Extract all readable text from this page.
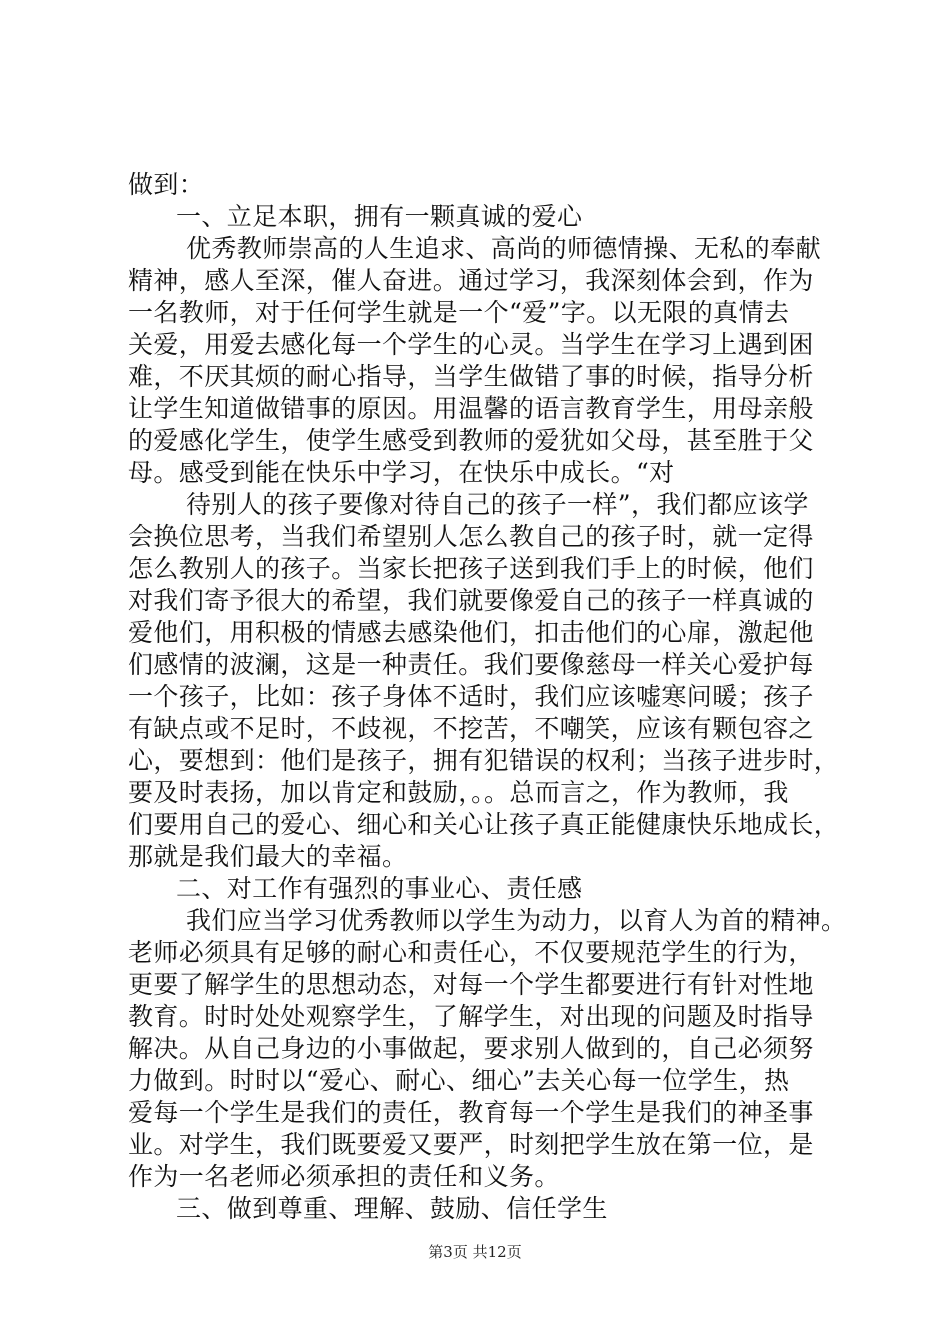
做到：
一、立足本职，拥有一颗真诚的爱心
优秀教师崇高的人生追求、高尚的师德情操、无私的奉献
精神，感人至深，催人奋进。通过学习，我深刻体会到，作为
一名教师，对于任何学生就是一个“爱”字。以无限的真情去
关爱，用爱去感化每一个学生的心灵。当学生在学习上遇到困
难，不厌其烦的耐心指导，当学生做错了事的时候，指导分析
让学生知道做错事的原因。用温馨的语言教育学生，用母亲般
的爱感化学生，使学生感受到教师的爱犹如父母，甚至胜于父
母。感受到能在快乐中学习，在快乐中成长。“对
待别人的孩子要像对待自己的孩子一样”，我们都应该学
会换位思考，当我们希望别人怎么教自己的孩子时，就一定得
怎么教别人的孩子。当家长把孩子送到我们手上的时候，他们
对我们寄予很大的希望，我们就要像爱自己的孩子一样真诚的
爱他们，用积极的情感去感染他们，扣击他们的心扉，激起他
们感情的波澜，这是一种责任。我们要像慈母一样关心爱护每
一个孩子，比如：孩子身体不适时，我们应该嘘寒问暖；孩子
有缺点或不足时，不歧视，不挖苦，不嘲笑，应该有颗包容之
心，要想到：他们是孩子，拥有犯错误的权利；当孩子进步时，
要及时表扬，加以肯定和鼓励，。。总而言之，作为教师，我
们要用自己的爱心、细心和关心让孩子真正能健康快乐地成长，
那就是我们最大的幸福。
二、对工作有强烈的事业心、责任感
我们应当学习优秀教师以学生为动力，以育人为首的精神。
老师必须具有足够的耐心和责任心，不仅要规范学生的行为，
更要了解学生的思想动态，对每一个学生都要进行有针对性地
教育。时时处处观察学生，了解学生，对出现的问题及时指导
解决。从自己身边的小事做起，要求别人做到的，自己必须努
力做到。时时以“爱心、耐心、细心”去关心每一位学生，热
爱每一个学生是我们的责任，教育每一个学生是我们的神圣事
业。对学生，我们既要爱又要严，时刻把学生放在第一位，是
作为一名老师必须承担的责任和义务。
三、做到尊重、理解、鼓励、信任学生
第3页 共12页
